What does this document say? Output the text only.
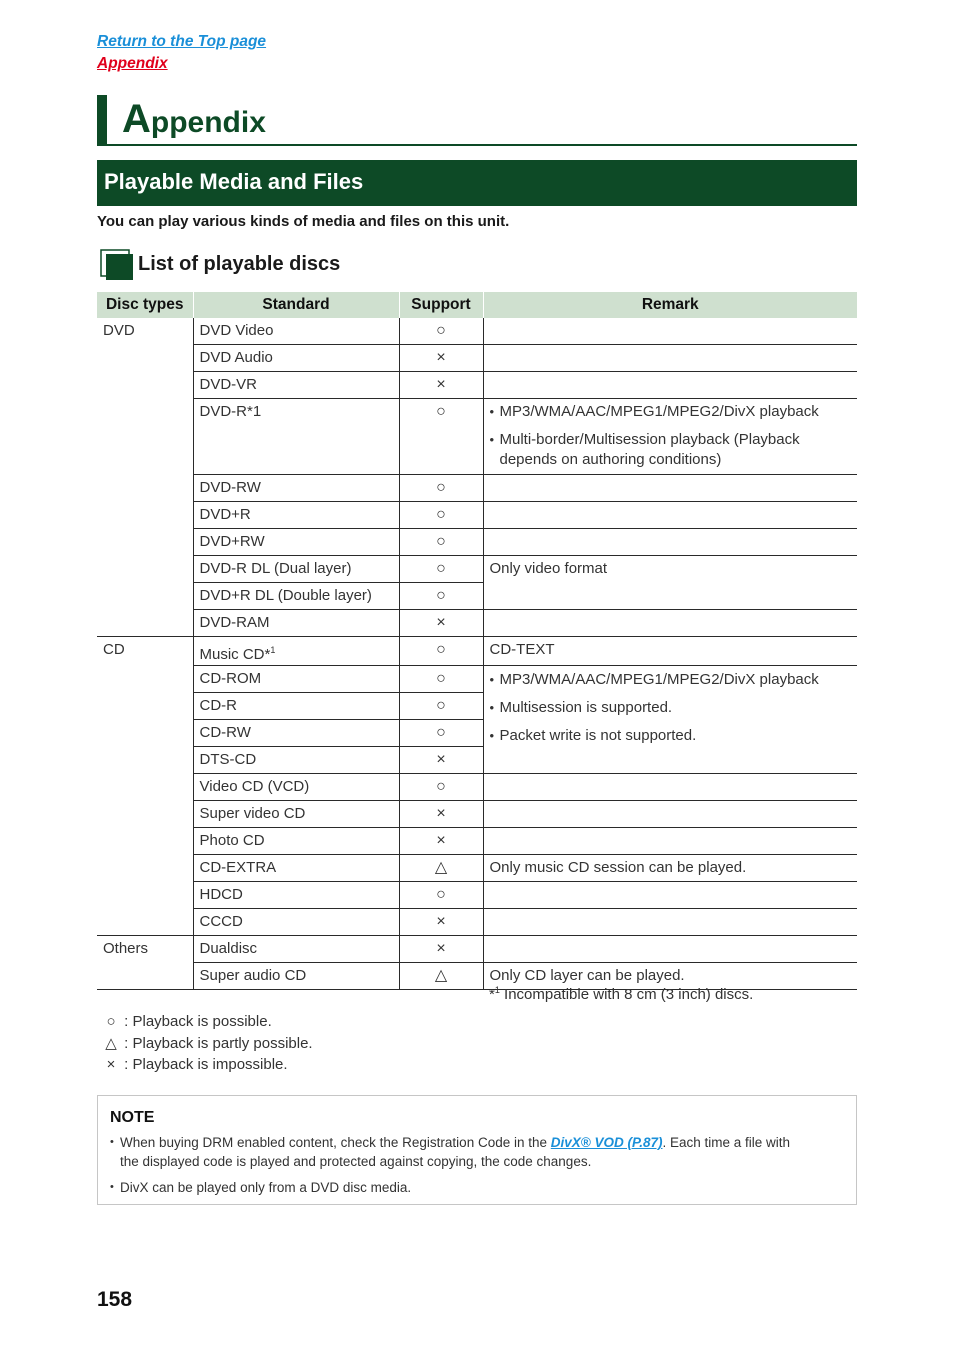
Return to the Top page
Appendix
Appendix
Playable Media and Files
You can play various kinds of media and files on this unit.
List of playable discs
Disc types	Standard	Support	Remark
DVD	DVD Video	○	
	DVD Audio	×	
	DVD-VR	×	
	DVD-R*1	○	• MP3/WMA/AAC/MPEG1/MPEG2/DivX playback
• Multi-border/Multisession playback (Playback depends on authoring conditions)

	DVD-RW	○	
	DVD+R	○	
	DVD+RW	○	
	DVD-R DL (Dual layer)	○	Only video format
	DVD+R DL (Double layer)	○	
	DVD-RAM	×	
CD	Music CD*$^1$	○	CD-TEXT
	CD-ROM	○	• MP3/WMA/AAC/MPEG1/MPEG2/DivX playback
• Multisession is supported.
• Packet write is not supported.

	CD-R	○	
	CD-RW	○	
	DTS-CD	×	
	Video CD (VCD)	○	
	Super video CD	×	
	Photo CD	×	
	CD-EXTRA	△	Only music CD session can be played.
	HDCD	○	
	CCCD	×	
Others	Dualdisc	×	
	Super audio CD	△	Only CD layer can be played.
*$^1$ Incompatible with 8 cm (3 inch) discs.
○ : Playback is possible.
△ : Playback is partly possible.
× : Playback is impossible.
NOTE
• When buying DRM enabled content, check the Registration Code in the DivX® VOD (P.87). Each time a file with the displayed code is played and protected against copying, the code changes.
• DivX can be played only from a DVD disc media.
158
